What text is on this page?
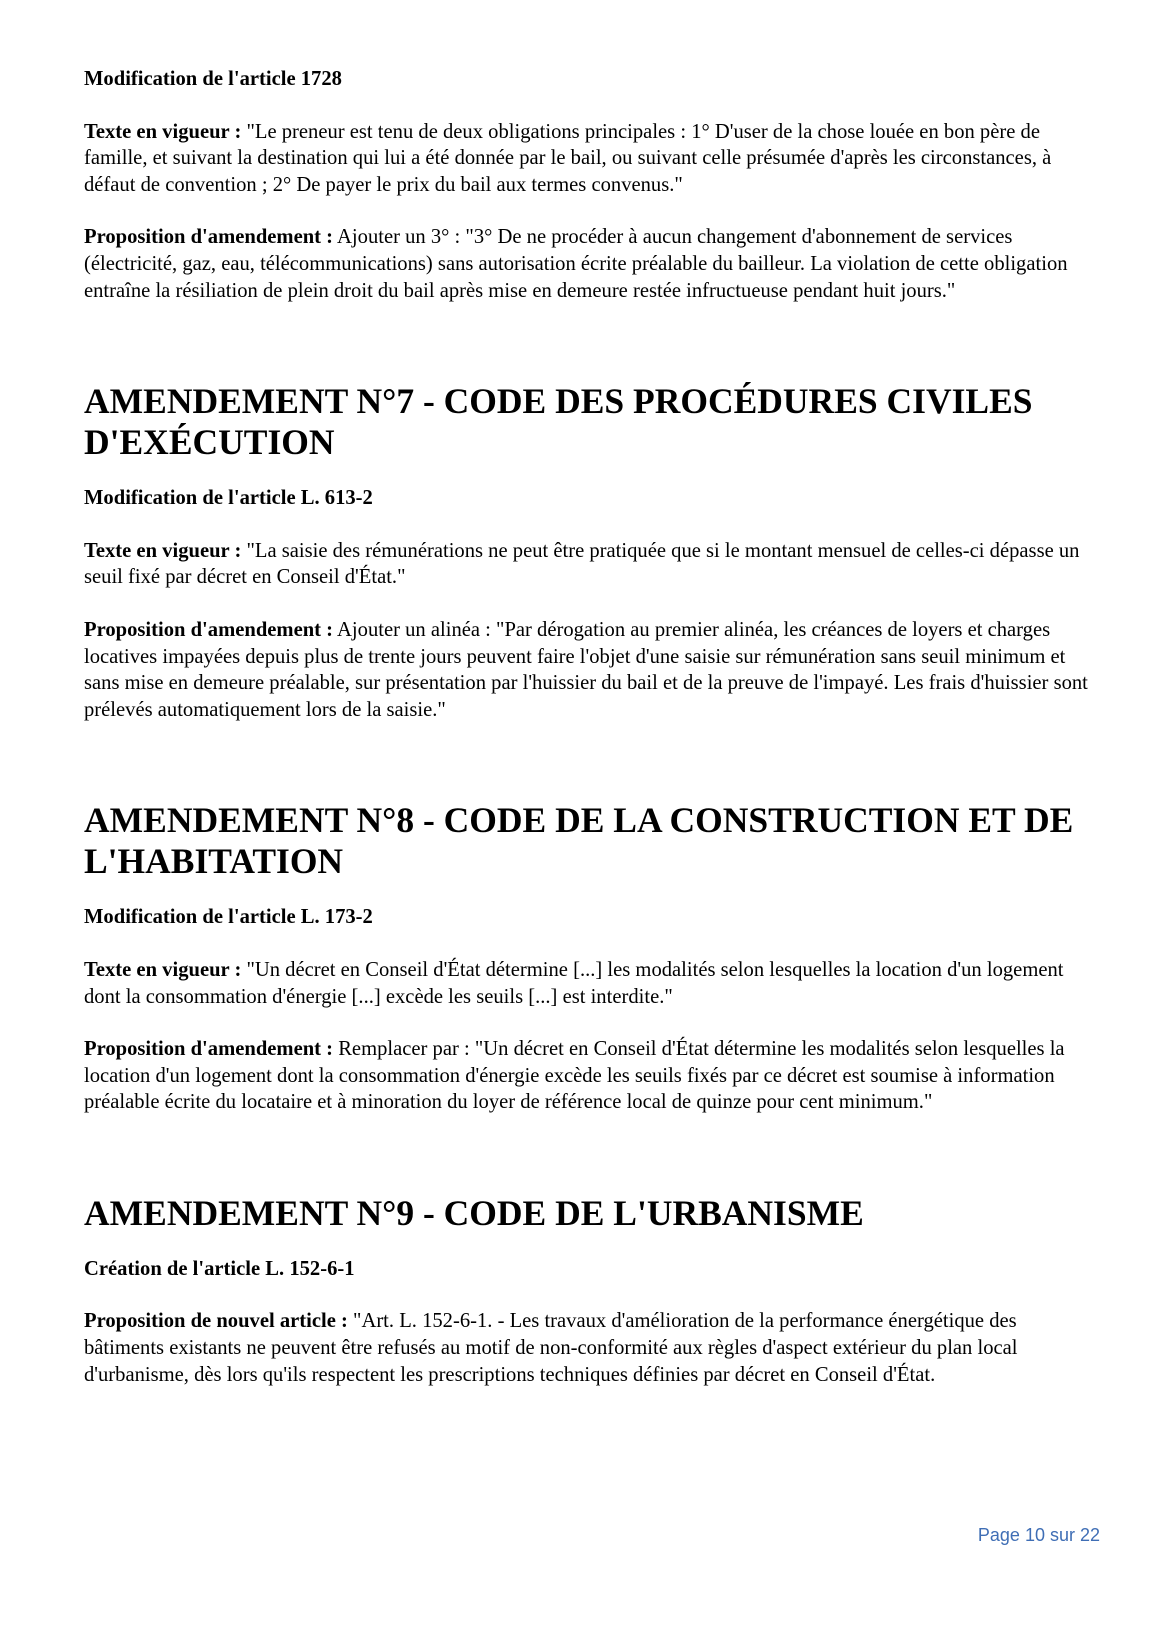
Modification de l'article 1728

Texte en vigueur : "Le preneur est tenu de deux obligations principales : 1° D'user de la chose louée en bon père de famille, et suivant la destination qui lui a été donnée par le bail, ou suivant celle présumée d'après les circonstances, à défaut de convention ; 2° De payer le prix du bail aux termes convenus."

Proposition d'amendement : Ajouter un 3° : "3° De ne procéder à aucun changement d'abonnement de services (électricité, gaz, eau, télécommunications) sans autorisation écrite préalable du bailleur. La violation de cette obligation entraîne la résiliation de plein droit du bail après mise en demeure restée infructueuse pendant huit jours."

AMENDEMENT N°7 - CODE DES PROCÉDURES CIVILES D'EXÉCUTION

Modification de l'article L. 613-2

Texte en vigueur : "La saisie des rémunérations ne peut être pratiquée que si le montant mensuel de celles-ci dépasse un seuil fixé par décret en Conseil d'État."

Proposition d'amendement : Ajouter un alinéa : "Par dérogation au premier alinéa, les créances de loyers et charges locatives impayées depuis plus de trente jours peuvent faire l'objet d'une saisie sur rémunération sans seuil minimum et sans mise en demeure préalable, sur présentation par l'huissier du bail et de la preuve de l'impayé. Les frais d'huissier sont prélevés automatiquement lors de la saisie."

AMENDEMENT N°8 - CODE DE LA CONSTRUCTION ET DE L'HABITATION

Modification de l'article L. 173-2

Texte en vigueur : "Un décret en Conseil d'État détermine [...] les modalités selon lesquelles la location d'un logement dont la consommation d'énergie [...] excède les seuils [...] est interdite."

Proposition d'amendement : Remplacer par : "Un décret en Conseil d'État détermine les modalités selon lesquelles la location d'un logement dont la consommation d'énergie excède les seuils fixés par ce décret est soumise à information préalable écrite du locataire et à minoration du loyer de référence local de quinze pour cent minimum."

AMENDEMENT N°9 - CODE DE L'URBANISME

Création de l'article L. 152-6-1

Proposition de nouvel article : "Art. L. 152-6-1. - Les travaux d'amélioration de la performance énergétique des bâtiments existants ne peuvent être refusés au motif de non-conformité aux règles d'aspect extérieur du plan local d'urbanisme, dès lors qu'ils respectent les prescriptions techniques définies par décret en Conseil d'État.

Page 10 sur 22
